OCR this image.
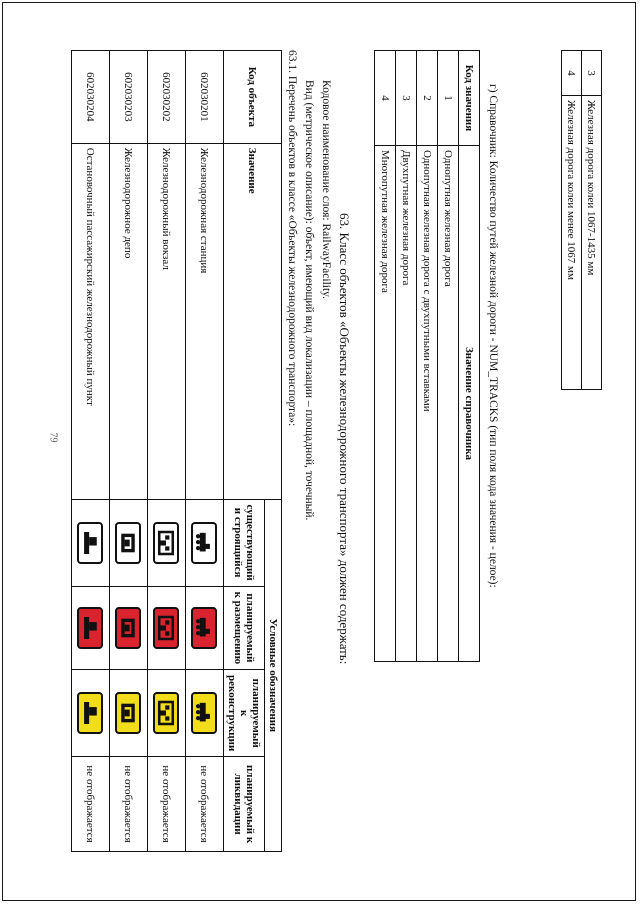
79
3	Железная дорога колеи 1067-1435 мм
4	Железная дорога колеи менее 1067 мм
г) Справочник: Количество путей железной дороги - NUM_TRACKS (тип поля кода значения - целое):
Код значения	Значение справочника
1	Однопутная железная дорога
2	Однопутная железная дорога с двухпутными вставками
3	Двухпутная железная дорога
4	Многопутная железная дорога
63. Класс объектов «Объекты железнодорожного транспорта» должен содержать:
Кодовое наименование слоя: RailwayFacility.
Вид (метрическое описание): объект, имеющий вид локализации – площадной, точечный.
63.1. Перечень объектов в классе «Объекты железнодорожного транспорта»:
Код объекта	Значение	Условные обозначения			
		существующий и строящийся	планируемый к размещению	планируемый к реконструкции	планируемый к ликвидации
602030201	Железнодорожная станция				не отображается
602030202	Железнодорожный вокзал				не отображается
602030203	Железнодорожное депо				не отображается
602030204	Остановочный пассажирский железнодорожный пункт				не отображается
